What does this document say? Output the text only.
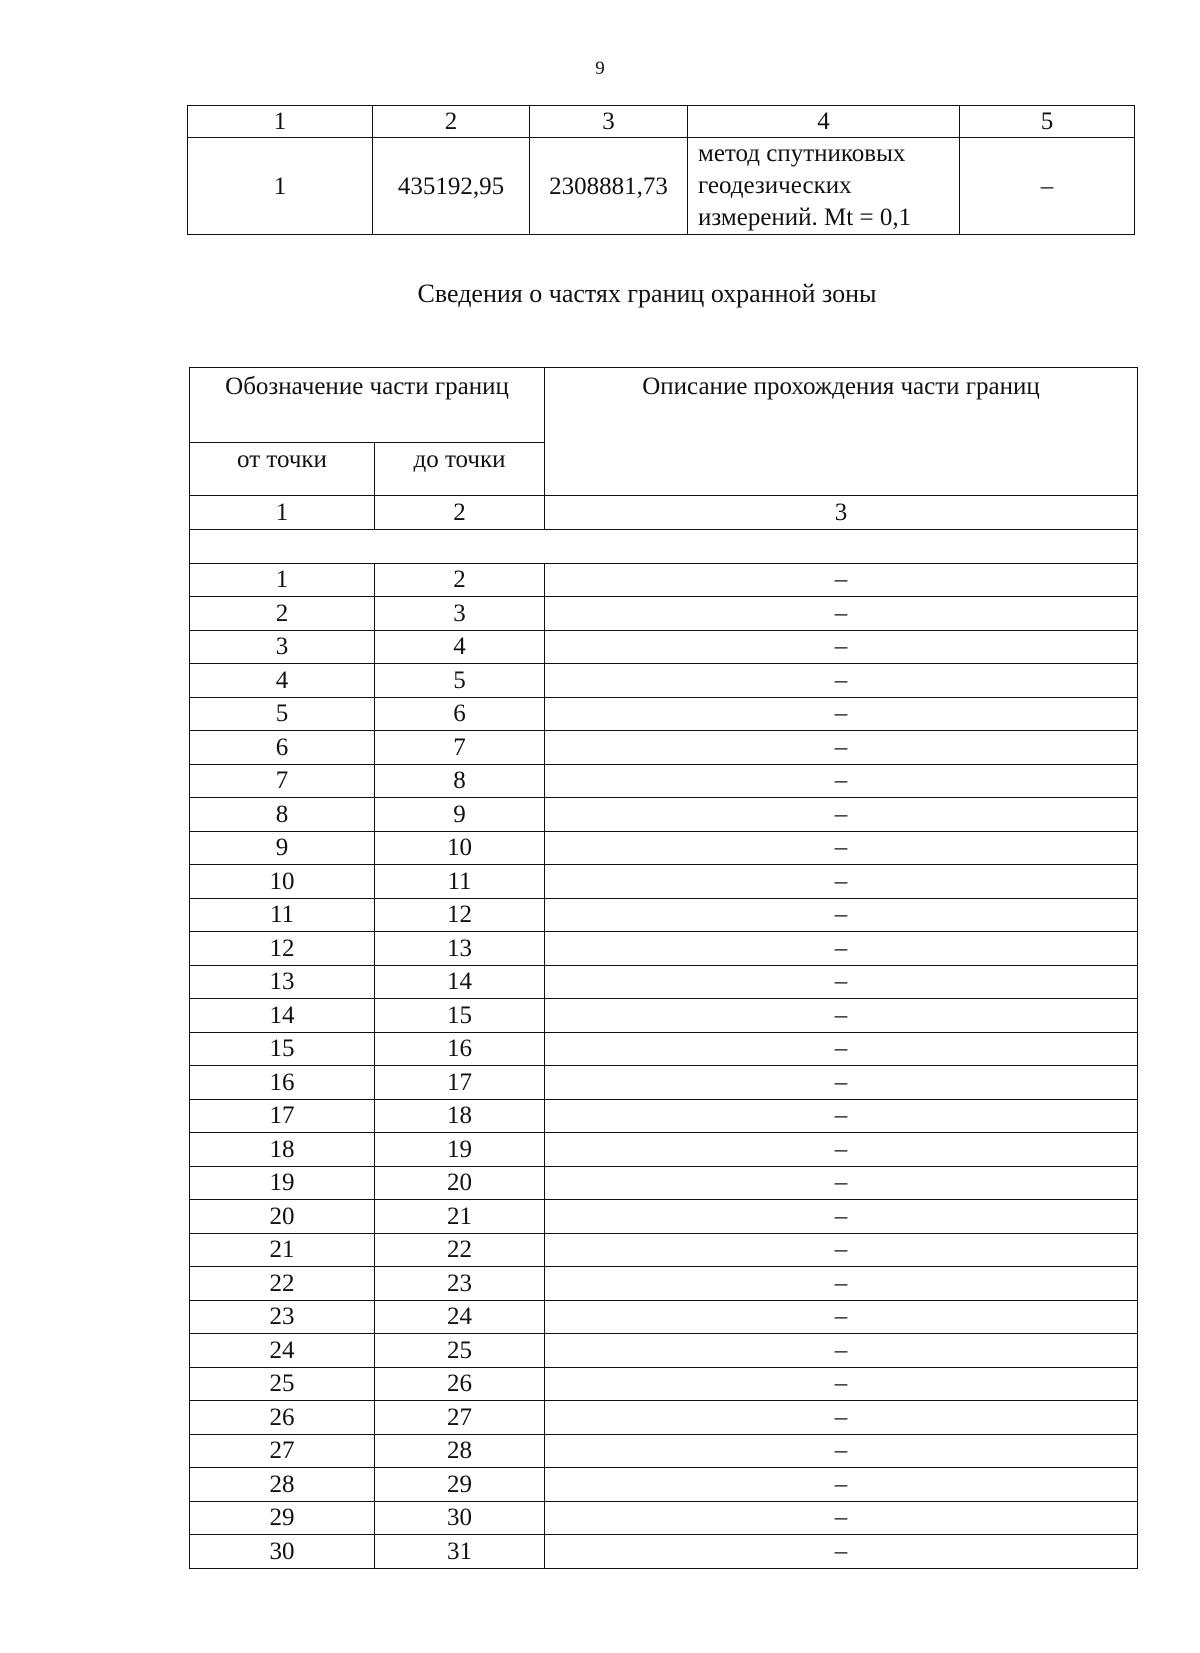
9
1	2	3	4	5
1	435192,95	2308881,73	метод спутниковых
геодезических
измерений. Mt = 0,1	–
Сведения о частях границ охранной зоны
Обозначение части границ		Описание прохождения части границ
от точки	до точки	
1	2	3

1	2	–
2	3	–
3	4	–
4	5	–
5	6	–
6	7	–
7	8	–
8	9	–
9	10	–
10	11	–
11	12	–
12	13	–
13	14	–
14	15	–
15	16	–
16	17	–
17	18	–
18	19	–
19	20	–
20	21	–
21	22	–
22	23	–
23	24	–
24	25	–
25	26	–
26	27	–
27	28	–
28	29	–
29	30	–
30	31	–
